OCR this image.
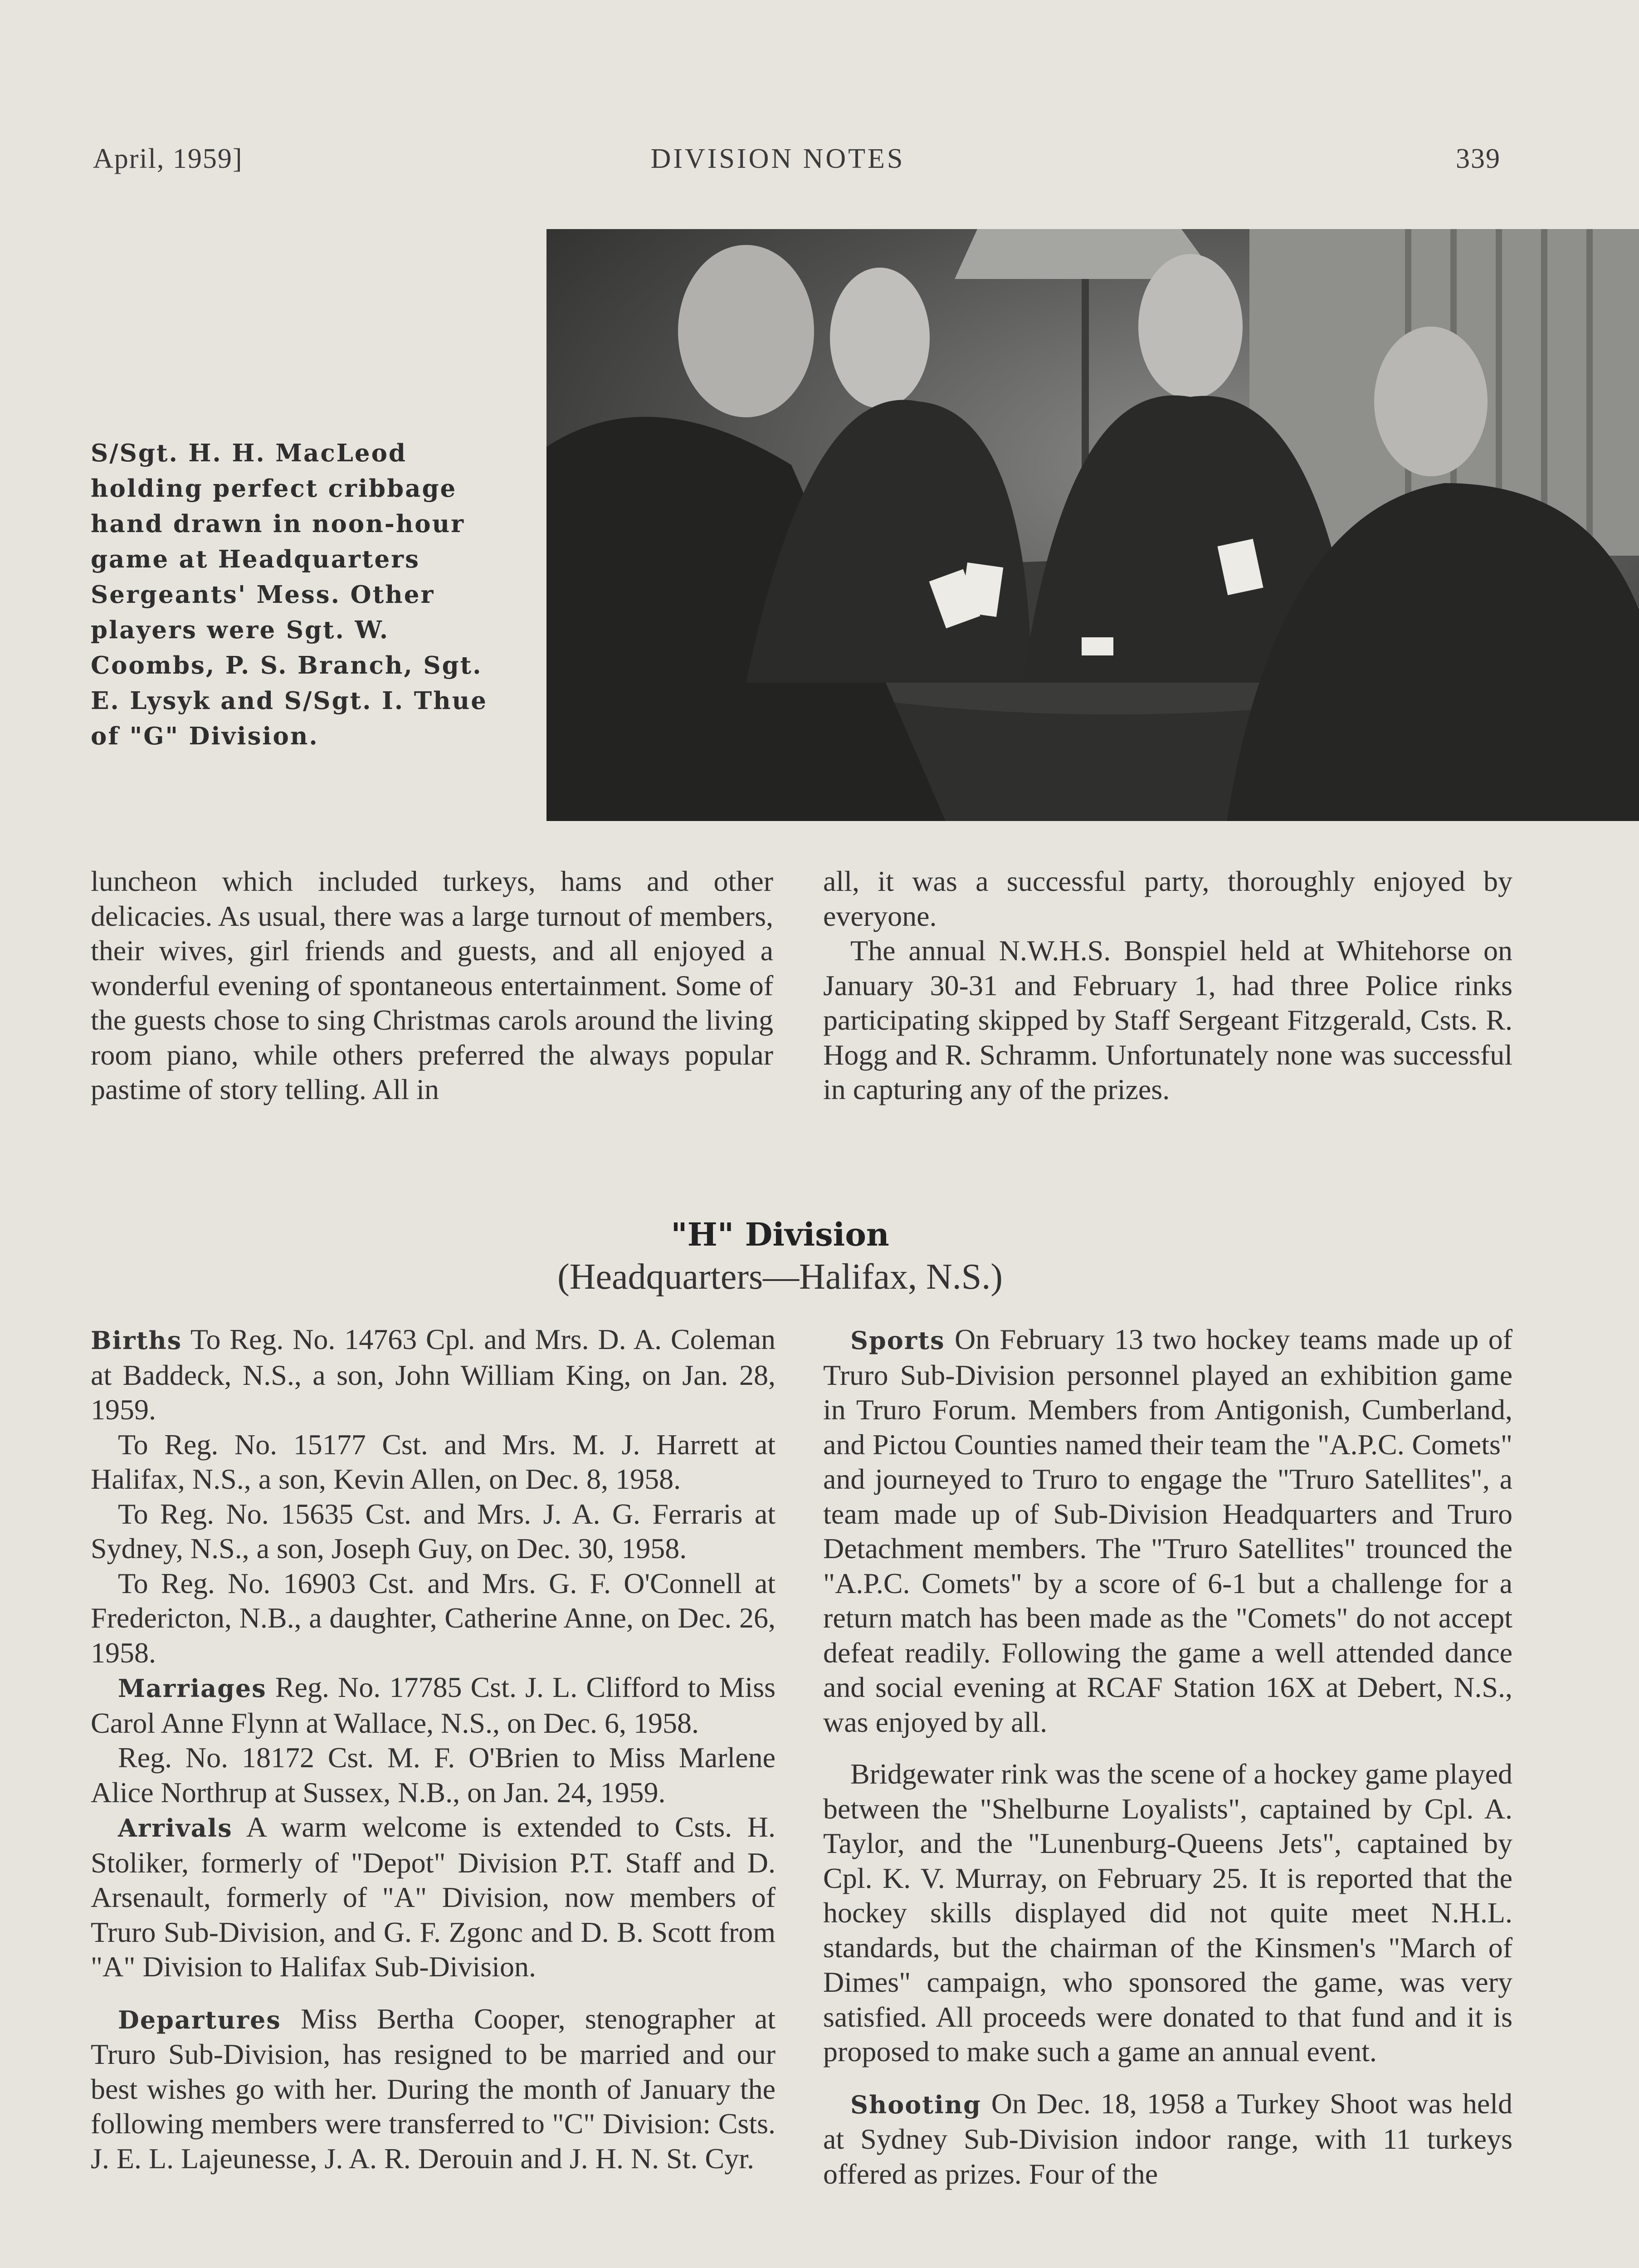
April, 1959]	DIVISION NOTES	339
S/Sgt. H. H. MacLeod holding perfect cribbage hand drawn in noon-hour game at Headquarters Sergeants' Mess. Other players were Sgt. W. Coombs, P. S. Branch, Sgt. E. Lysyk and S/Sgt. I. Thue of "G" Division.

luncheon which included turkeys, hams and other delicacies. As usual, there was a large turnout of members, their wives, girl friends and guests, and all enjoyed a wonderful evening of spontaneous entertainment. Some of the guests chose to sing Christmas carols around the living room piano, while others preferred the always popular pastime of story telling. All in

all, it was a successful party, thoroughly enjoyed by everyone.

The annual N.W.H.S. Bonspiel held at Whitehorse on January 30-31 and February 1, had three Police rinks participating skipped by Staff Sergeant Fitzgerald, Csts. R. Hogg and R. Schramm. Unfortunately none was successful in capturing any of the prizes.

"H" Division
(Headquarters—Halifax, N.S.)

Births To Reg. No. 14763 Cpl. and Mrs. D. A. Coleman at Baddeck, N.S., a son, John William King, on Jan. 28, 1959.

To Reg. No. 15177 Cst. and Mrs. M. J. Harrett at Halifax, N.S., a son, Kevin Allen, on Dec. 8, 1958.

To Reg. No. 15635 Cst. and Mrs. J. A. G. Ferraris at Sydney, N.S., a son, Joseph Guy, on Dec. 30, 1958.

To Reg. No. 16903 Cst. and Mrs. G. F. O'Connell at Fredericton, N.B., a daughter, Catherine Anne, on Dec. 26, 1958.

Marriages Reg. No. 17785 Cst. J. L. Clifford to Miss Carol Anne Flynn at Wallace, N.S., on Dec. 6, 1958.

Reg. No. 18172 Cst. M. F. O'Brien to Miss Marlene Alice Northrup at Sussex, N.B., on Jan. 24, 1959.

Arrivals A warm welcome is extended to Csts. H. Stoliker, formerly of "Depot" Division P.T. Staff and D. Arsenault, formerly of "A" Division, now members of Truro Sub-Division, and G. F. Zgonc and D. B. Scott from "A" Division to Halifax Sub-Division.

Departures Miss Bertha Cooper, stenographer at Truro Sub-Division, has resigned to be married and our best wishes go with her. During the month of January the following members were transferred to "C" Division: Csts. J. E. L. Lajeunesse, J. A. R. Derouin and J. H. N. St. Cyr.

Sports On February 13 two hockey teams made up of Truro Sub-Division personnel played an exhibition game in Truro Forum. Members from Antigonish, Cumberland, and Pictou Counties named their team the "A.P.C. Comets" and journeyed to Truro to engage the "Truro Satellites", a team made up of Sub-Division Headquarters and Truro Detachment members. The "Truro Satellites" trounced the "A.P.C. Comets" by a score of 6-1 but a challenge for a return match has been made as the "Comets" do not accept defeat readily. Following the game a well attended dance and social evening at RCAF Station 16X at Debert, N.S., was enjoyed by all.

Bridgewater rink was the scene of a hockey game played between the "Shelburne Loyalists", captained by Cpl. A. Taylor, and the "Lunenburg-Queens Jets", captained by Cpl. K. V. Murray, on February 25. It is reported that the hockey skills displayed did not quite meet N.H.L. standards, but the chairman of the Kinsmen's "March of Dimes" campaign, who sponsored the game, was very satisfied. All proceeds were donated to that fund and it is proposed to make such a game an annual event.

Shooting On Dec. 18, 1958 a Turkey Shoot was held at Sydney Sub-Division indoor range, with 11 turkeys offered as prizes. Four of the
